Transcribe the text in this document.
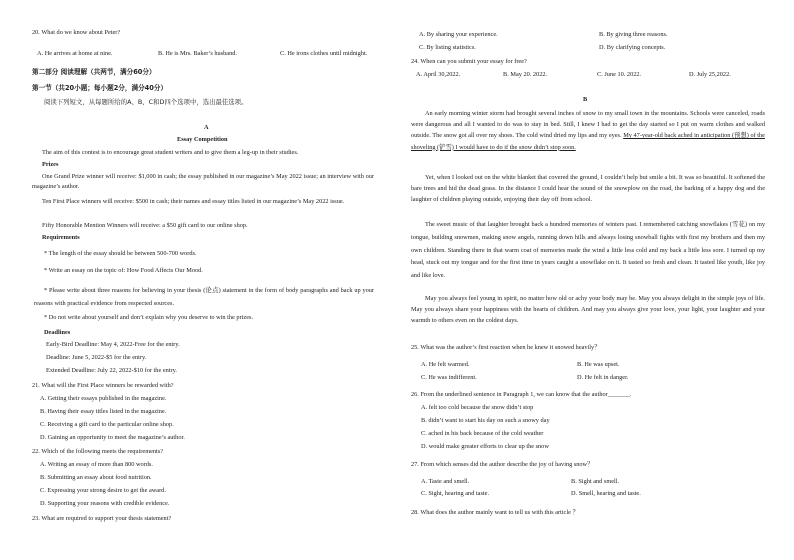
20. What do we know about Peter?
A. He arrives at home at nine.	B. He is Mrs. Baker’s husband.	C. He irons clothes until midnight.
第二部分 阅读理解（共两节，满分60分）
第一节（共20小题；每小题2分，满分40分）
阅读下列短文，从每题所给的A、B、C和D四个选项中，选出最佳选项。
A
Essay Competition
The aim of this contest is to encourage great student writers and to give them a leg-up in their studies.
Prizes
One Grand Prize winner will receive: $1,000 in cash; the essay published in our magazine’s May 2022 issue; an interview with our magazine’s author.
Ten First Place winners will receive: $500 in cash; their names and essay titles listed in our magazine’s May 2022 issue.
Fifty Honorable Mention Winners will receive: a $50 gift card to our online shop.
Requirements
* The length of the essay should be between 500-700 words.
* Write an essay on the topic of: How Food Affects Our Mood.
* Please write about three reasons for believing in your thesis (论点) statement in the form of body paragraphs and back up your reasons with practical evidence from respected sources.
* Do not write about yourself and don’t explain why you deserve to win the prizes.
Deadlines
Early-Bird Deadline: May 4, 2022-Free for the entry.
Deadline: June 5, 2022-$5 for the entry.
Extended Deadline: July 22, 2022-$10 for the entry.
21. What will the First Place winners be rewarded with?
A. Getting their essays published in the magazine.
B. Having their essay titles listed in the magazine.
C. Receiving a gift card to the particular online shop.
D. Gaining an opportunity to meet the magazine’s author.
22. Which of the following meets the requirements?
A. Writing an essay of more than 800 words.
B. Submitting an essay about food nutrition.
C. Expressing your strong desire to get the award.
D. Supporting your reasons with credible evidence.
23. What are required to support your thesis statement?
A. By sharing your experience.	B. By giving three reasons.
C. By listing statistics.	D. By clarifying concepts.
24. When can you submit your essay for free?
A. April 30,2022.	B. May 20. 2022.	C. June 10. 2022.	D. July 25,2022.
B
An early morning winter storm had brought several inches of snow to my small town in the mountains. Schools were canceled, roads were dangerous and all I wanted to do was to stay in bed. Still, I knew I had to get the day started so I put on warm clothes and walked outside. The snow got all over my shoes. The cold wind dried my lips and my eyes. My 47-year-old back ached in anticipation (预想) of the shoveling (铲雪) I would have to do if the snow didn’t stop soon.
Yet, when I looked out on the white blanket that covered the ground, I couldn’t help but smile a bit. It was so beautiful. It softened the bare trees and hid the dead grass. In the distance I could hear the sound of the snowplow on the road, the barking of a happy dog and the laughter of children playing outside, enjoying their day off from school.
The sweet music of that laughter brought back a hundred memories of winters past. I remembered catching snowflakes (雪花) on my tongue, building snowmen, making snow angels, running down hills and always losing snowball fights with first my brothers and then my own children. Standing there in that warm coat of memories made the wind a little less cold and my back a little less sore. I turned up my head, stuck out my tongue and for the first time in years caught a snowflake on it. It tasted so fresh and clean. It tasted like youth, like joy and like love.
May you always feel young in spirit, no matter how old or achy your body may be. May you always delight in the simple joys of life. May you always share your happiness with the hearts of children. And may you always give your love, your light, your laughter and your warmth to others even on the coldest days.
25. What was the author’s first reaction when he knew it snowed heavily？
A. He felt warmed.	B. He was upset.
C. He was indifferent.	D. He felt in danger.
26. From the underlined sentence in Paragraph 1, we can know that the author_______.
A. felt too cold because the snow didn’t stop
B. didn’t want to start his day on such a snowy day
C. ached in his back because of the cold weather
D. would make greater efforts to clear up the snow
27. From which senses did the author describe the joy of having snow？
A. Taste and smell.	B. Sight and smell.
C. Sight, hearing and taste.	D. Smell, hearing and taste.
28. What does the author mainly want to tell us with this article ？
